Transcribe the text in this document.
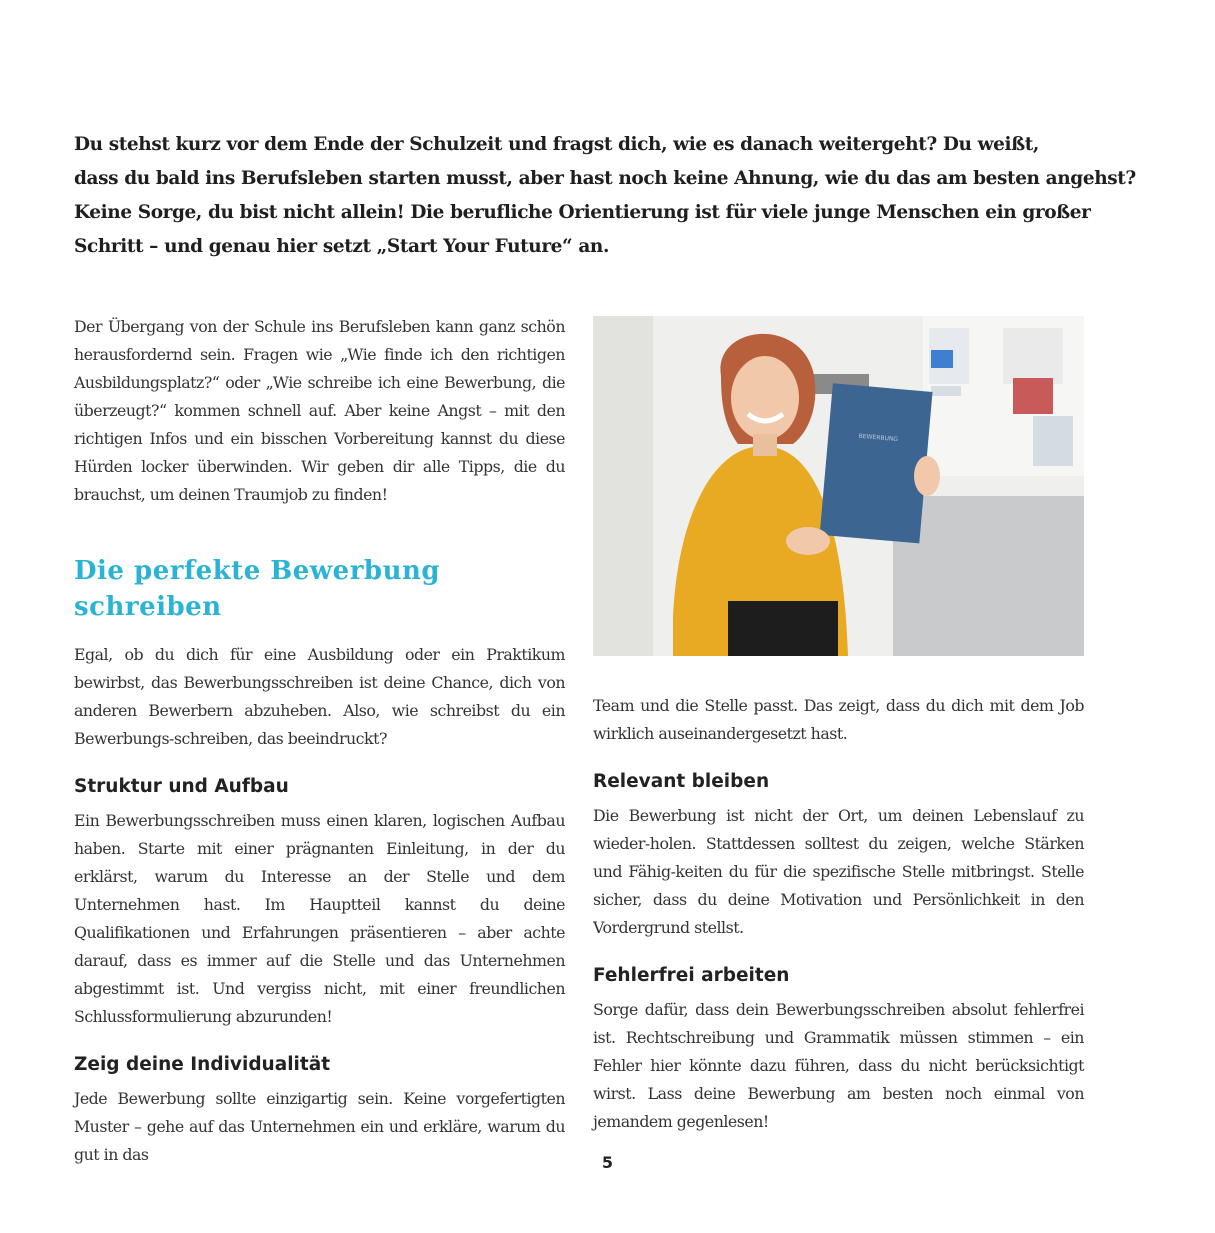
Du stehst kurz vor dem Ende der Schulzeit und fragst dich, wie es danach weitergeht? Du weißt,
dass du bald ins Berufsleben starten musst, aber hast noch keine Ahnung, wie du das am besten angehst?
Keine Sorge, du bist nicht allein! Die berufliche Orientierung ist für viele junge Menschen ein großer
Schritt – und genau hier setzt „Start Your Future“ an.

Der Übergang von der Schule ins Berufsleben kann ganz schön herausfordernd sein. Fragen wie „Wie finde ich den richtigen Ausbildungsplatz?“ oder „Wie schreibe ich eine Bewerbung, die überzeugt?“ kommen schnell auf. Aber keine Angst – mit den richtigen Infos und ein bisschen Vorbereitung kannst du diese Hürden locker überwinden. Wir geben dir alle Tipps, die du brauchst, um deinen Traumjob zu finden!

Die perfekte Bewerbung
schreiben

Egal, ob du dich für eine Ausbildung oder ein Praktikum bewirbst, das Bewerbungsschreiben ist deine Chance, dich von anderen Bewerbern abzuheben. Also, wie schreibst du ein Bewerbungs-schreiben, das beeindruckt?

Struktur und Aufbau

Ein Bewerbungsschreiben muss einen klaren, logischen Aufbau haben. Starte mit einer prägnanten Einleitung, in der du erklärst, warum du Interesse an der Stelle und dem Unternehmen hast. Im Hauptteil kannst du deine Qualifikationen und Erfahrungen präsentieren – aber achte darauf, dass es immer auf die Stelle und das Unternehmen abgestimmt ist. Und vergiss nicht, mit einer freundlichen Schlussformulierung abzurunden!

Zeig deine Individualität

Jede Bewerbung sollte einzigartig sein. Keine vorgefertigten Muster – gehe auf das Unternehmen ein und erkläre, warum du gut in das

BEWERBUNG

Team und die Stelle passt. Das zeigt, dass du dich mit dem Job wirklich auseinandergesetzt hast.

Relevant bleiben

Die Bewerbung ist nicht der Ort, um deinen Lebenslauf zu wieder-holen. Stattdessen solltest du zeigen, welche Stärken und Fähig-keiten du für die spezifische Stelle mitbringst. Stelle sicher, dass du deine Motivation und Persönlichkeit in den Vordergrund stellst.

Fehlerfrei arbeiten

Sorge dafür, dass dein Bewerbungsschreiben absolut fehlerfrei ist. Rechtschreibung und Grammatik müssen stimmen – ein Fehler hier könnte dazu führen, dass du nicht berücksichtigt wirst. Lass deine Bewerbung am besten noch einmal von jemandem gegenlesen!

5
